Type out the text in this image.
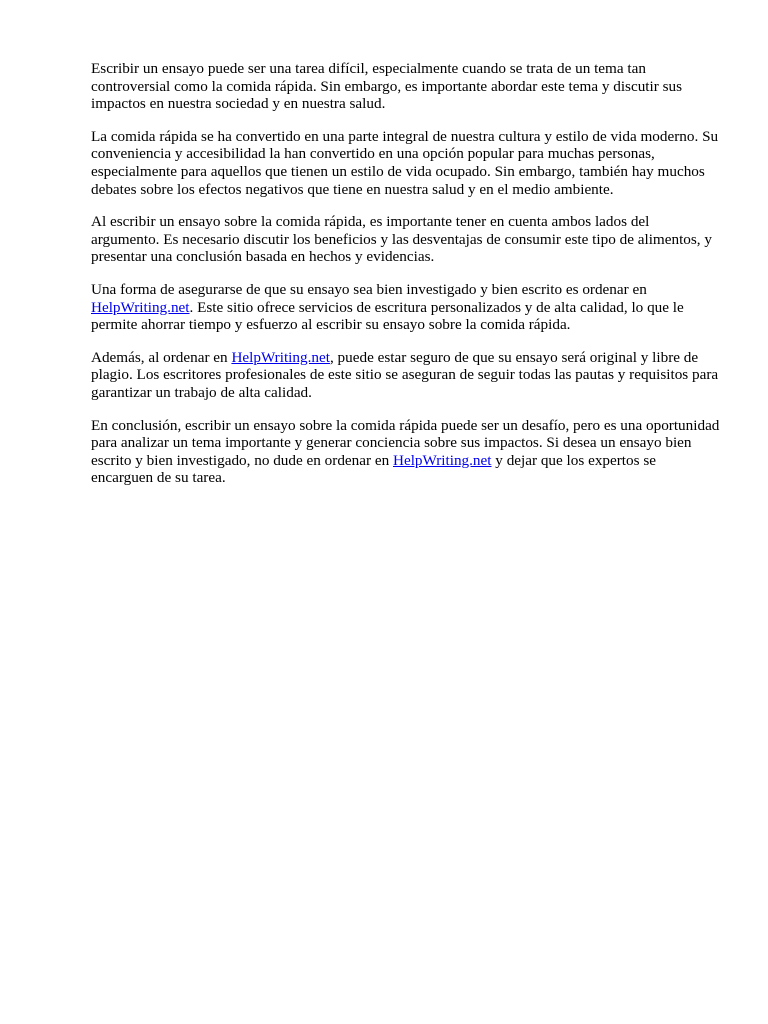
Escribir un ensayo puede ser una tarea difícil, especialmente cuando se trata de un tema tan controversial como la comida rápida. Sin embargo, es importante abordar este tema y discutir sus impactos en nuestra sociedad y en nuestra salud.

La comida rápida se ha convertido en una parte integral de nuestra cultura y estilo de vida moderno. Su conveniencia y accesibilidad la han convertido en una opción popular para muchas personas, especialmente para aquellos que tienen un estilo de vida ocupado. Sin embargo, también hay muchos debates sobre los efectos negativos que tiene en nuestra salud y en el medio ambiente.

Al escribir un ensayo sobre la comida rápida, es importante tener en cuenta ambos lados del argumento. Es necesario discutir los beneficios y las desventajas de consumir este tipo de alimentos, y presentar una conclusión basada en hechos y evidencias.

Una forma de asegurarse de que su ensayo sea bien investigado y bien escrito es ordenar en HelpWriting.net. Este sitio ofrece servicios de escritura personalizados y de alta calidad, lo que le permite ahorrar tiempo y esfuerzo al escribir su ensayo sobre la comida rápida.

Además, al ordenar en HelpWriting.net, puede estar seguro de que su ensayo será original y libre de plagio. Los escritores profesionales de este sitio se aseguran de seguir todas las pautas y requisitos para garantizar un trabajo de alta calidad.

En conclusión, escribir un ensayo sobre la comida rápida puede ser un desafío, pero es una oportunidad para analizar un tema importante y generar conciencia sobre sus impactos. Si desea un ensayo bien escrito y bien investigado, no dude en ordenar en HelpWriting.net y dejar que los expertos se encarguen de su tarea.
